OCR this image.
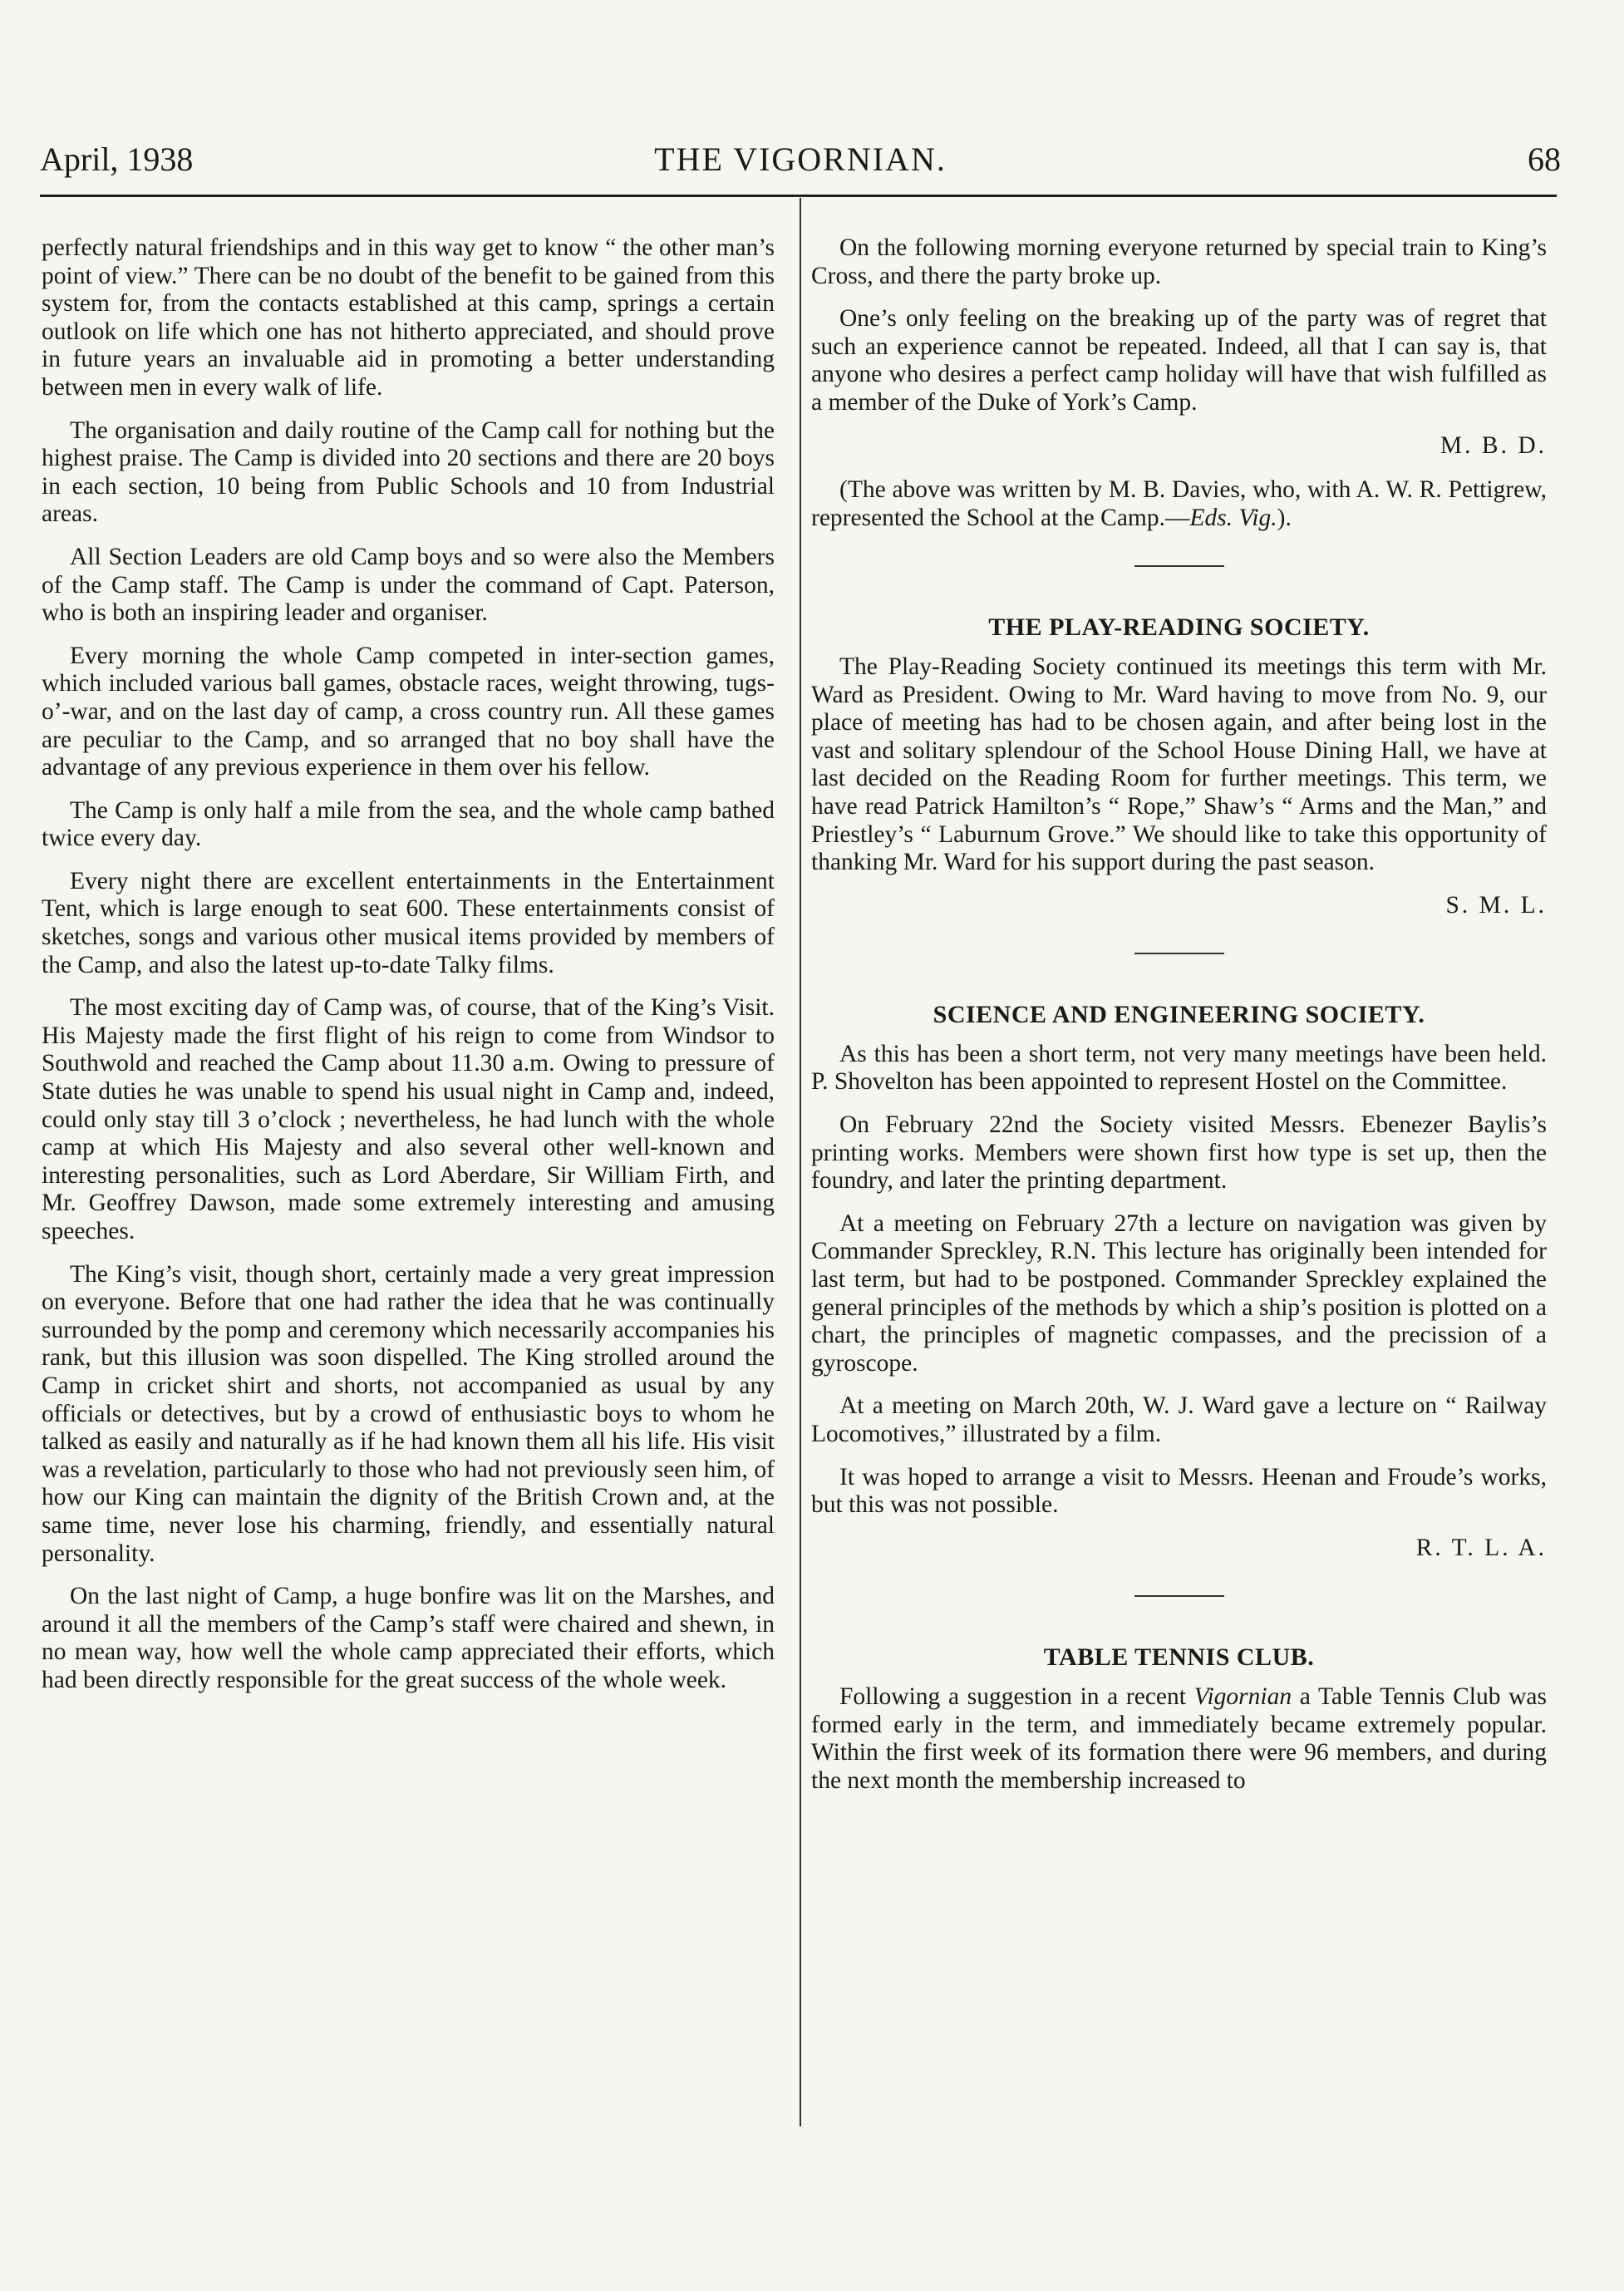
April, 1938	THE VIGORNIAN.	68

perfectly natural friendships and in this way get to know “ the other man’s point of view.” There can be no doubt of the benefit to be gained from this system for, from the contacts established at this camp, springs a certain outlook on life which one has not hitherto appreciated, and should prove in future years an invaluable aid in promoting a better understanding between men in every walk of life.

The organisation and daily routine of the Camp call for nothing but the highest praise. The Camp is divided into 20 sections and there are 20 boys in each section, 10 being from Public Schools and 10 from Industrial areas.

All Section Leaders are old Camp boys and so were also the Members of the Camp staff. The Camp is under the command of Capt. Paterson, who is both an inspiring leader and organiser.

Every morning the whole Camp competed in inter-section games, which included various ball games, obstacle races, weight throwing, tugs-o’-war, and on the last day of camp, a cross country run. All these games are peculiar to the Camp, and so arranged that no boy shall have the advantage of any previous experience in them over his fellow.

The Camp is only half a mile from the sea, and the whole camp bathed twice every day.

Every night there are excellent entertainments in the Entertainment Tent, which is large enough to seat 600. These entertainments consist of sketches, songs and various other musical items provided by members of the Camp, and also the latest up-to-date Talky films.

The most exciting day of Camp was, of course, that of the King’s Visit. His Majesty made the first flight of his reign to come from Windsor to Southwold and reached the Camp about 11.30 a.m. Owing to pressure of State duties he was unable to spend his usual night in Camp and, indeed, could only stay till 3 o’clock ; nevertheless, he had lunch with the whole camp at which His Majesty and also several other well-known and interesting personalities, such as Lord Aberdare, Sir William Firth, and Mr. Geoffrey Dawson, made some extremely interesting and amusing speeches.

The King’s visit, though short, certainly made a very great impression on everyone. Before that one had rather the idea that he was continually surrounded by the pomp and ceremony which necessarily accompanies his rank, but this illusion was soon dispelled. The King strolled around the Camp in cricket shirt and shorts, not accompanied as usual by any officials or detectives, but by a crowd of enthusiastic boys to whom he talked as easily and naturally as if he had known them all his life. His visit was a revelation, particularly to those who had not previously seen him, of how our King can maintain the dignity of the British Crown and, at the same time, never lose his charming, friendly, and essentially natural personality.

On the last night of Camp, a huge bonfire was lit on the Marshes, and around it all the members of the Camp’s staff were chaired and shewn, in no mean way, how well the whole camp appreciated their efforts, which had been directly responsible for the great success of the whole week.

On the following morning everyone returned by special train to King’s Cross, and there the party broke up.

One’s only feeling on the breaking up of the party was of regret that such an experience cannot be repeated. Indeed, all that I can say is, that anyone who desires a perfect camp holiday will have that wish fulfilled as a member of the Duke of York’s Camp.

M. B. D.

(The above was written by M. B. Davies, who, with A. W. R. Pettigrew, represented the School at the Camp.—Eds. Vig.).

THE PLAY-READING SOCIETY.

The Play-Reading Society continued its meetings this term with Mr. Ward as President. Owing to Mr. Ward having to move from No. 9, our place of meeting has had to be chosen again, and after being lost in the vast and solitary splendour of the School House Dining Hall, we have at last decided on the Reading Room for further meetings. This term, we have read Patrick Hamilton’s “ Rope,” Shaw’s “ Arms and the Man,” and Priestley’s “ Laburnum Grove.” We should like to take this opportunity of thanking Mr. Ward for his support during the past season.

S. M. L.
SCIENCE AND ENGINEERING SOCIETY.

As this has been a short term, not very many meetings have been held. P. Shovelton has been appointed to represent Hostel on the Committee.

On February 22nd the Society visited Messrs. Ebenezer Baylis’s printing works. Members were shown first how type is set up, then the foundry, and later the printing department.

At a meeting on February 27th a lecture on navigation was given by Commander Spreckley, R.N. This lecture has originally been intended for last term, but had to be postponed. Commander Spreckley explained the general principles of the methods by which a ship’s position is plotted on a chart, the principles of magnetic compasses, and the precission of a gyroscope.

At a meeting on March 20th, W. J. Ward gave a lecture on “ Railway Locomotives,” illustrated by a film.

It was hoped to arrange a visit to Messrs. Heenan and Froude’s works, but this was not possible.

R. T. L. A.
TABLE TENNIS CLUB.

Following a suggestion in a recent Vigornian a Table Tennis Club was formed early in the term, and immediately became extremely popular. Within the first week of its formation there were 96 members, and during the next month the membership increased to
